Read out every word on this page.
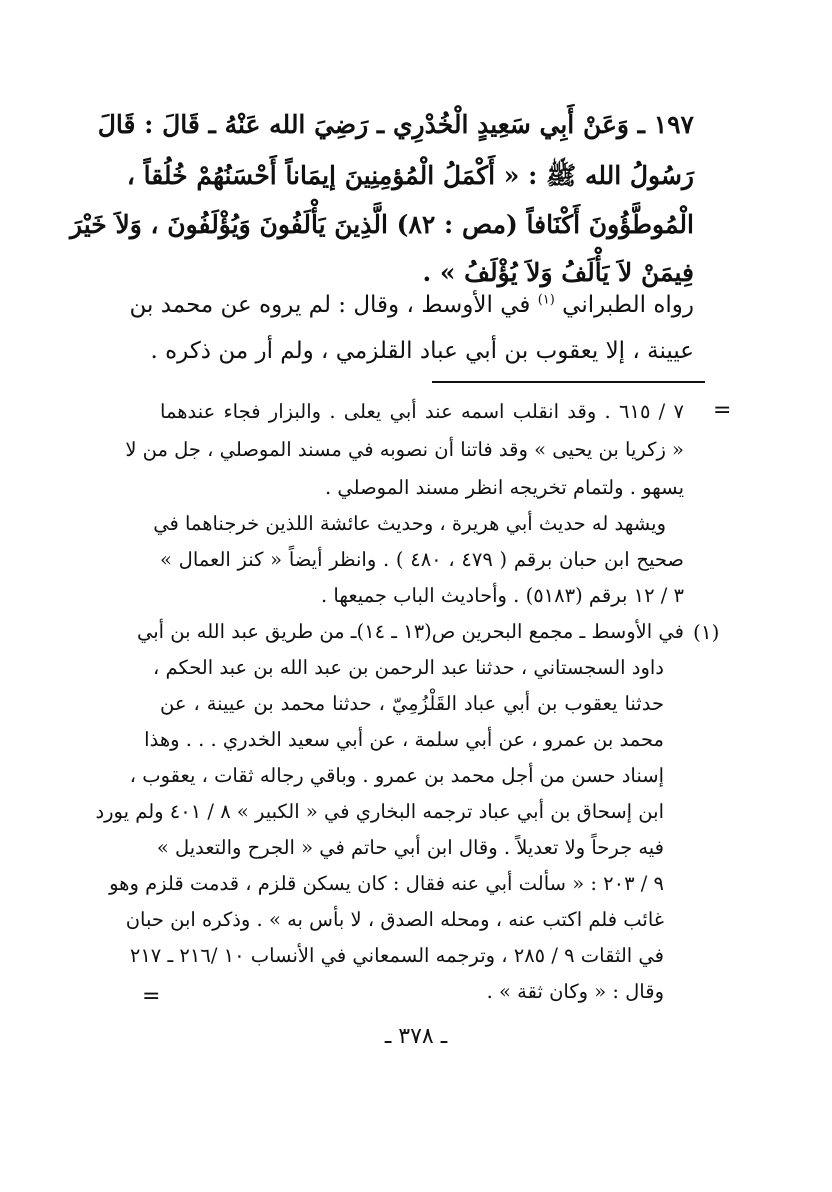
١٩٧ ـ وَعَنْ أَبِي سَعِيدٍ الْخُدْرِي ـ رَضِيَ الله عَنْهُ ـ قَالَ : قَالَ
رَسُولُ الله ﷺ : « أَكْمَلُ الْمُؤمِنِينَ إيمَاناً أَحْسَنُهُمْ خُلُقاً ،
الْمُوطَّؤُونَ أَكْنَافاً (مص : ٨٢) الَّذِينَ يَأْلَفُونَ وَيُؤْلَفُونَ ، وَلاَ خَيْرَ
فِيمَنْ لاَ يَأْلَفُ وَلاَ يُؤْلَفُ » .
رواه الطبراني $^{(١)}$ في الأوسط ، وقال : لم يروه عن محمد بن
عيينة ، إلا يعقوب بن أبي عباد القلزمي ، ولم أر من ذكره .
=
٧ / ٦١٥ . وقد انقلب اسمه عند أبي يعلى . والبزار فجاء عندهما
« زكريا بن يحيى » وقد فاتنا أن نصوبه في مسند الموصلي ، جل من لا
يسهو . ولتمام تخريجه انظر مسند الموصلي .
ويشهد له حديث أبي هريرة ، وحديث عائشة اللذين خرجناهما في
صحيح ابن حبان برقم ( ٤٧٩ ، ٤٨٠ ) . وانظر أيضاً « كنز العمال »
٣ / ١٢ برقم (٥١٨٣) . وأحاديث الباب جميعها .
(١)
في الأوسط ـ مجمع البحرين ص(١٣ ـ ١٤)ـ من طريق عبد الله بن أبي
داود السجستاني ، حدثنا عبد الرحمن بن عبد الله بن عبد الحكم ،
حدثنا يعقوب بن أبي عباد القَلْزُمِيّ ، حدثنا محمد بن عيينة ، عن
محمد بن عمرو ، عن أبي سلمة ، عن أبي سعيد الخدري . . . وهذا
إسناد حسن من أجل محمد بن عمرو . وباقي رجاله ثقات ، يعقوب ،
ابن إسحاق بن أبي عباد ترجمه البخاري في « الكبير » ٨ / ٤٠١ ولم يورد
فيه جرحاً ولا تعديلاً . وقال ابن أبي حاتم في « الجرح والتعديل »
٩ / ٢٠٣ : « سألت أبي عنه فقال : كان يسكن قلزم ، قدمت قلزم وهو
غائب فلم اكتب عنه ، ومحله الصدق ، لا بأس به » . وذكره ابن حبان
في الثقات ٩ / ٢٨٥ ، وترجمه السمعاني في الأنساب ١٠ /٢١٦ ـ ٢١٧
وقال : « وكان ثقة » .
=
ـ ٣٧٨ ـ
